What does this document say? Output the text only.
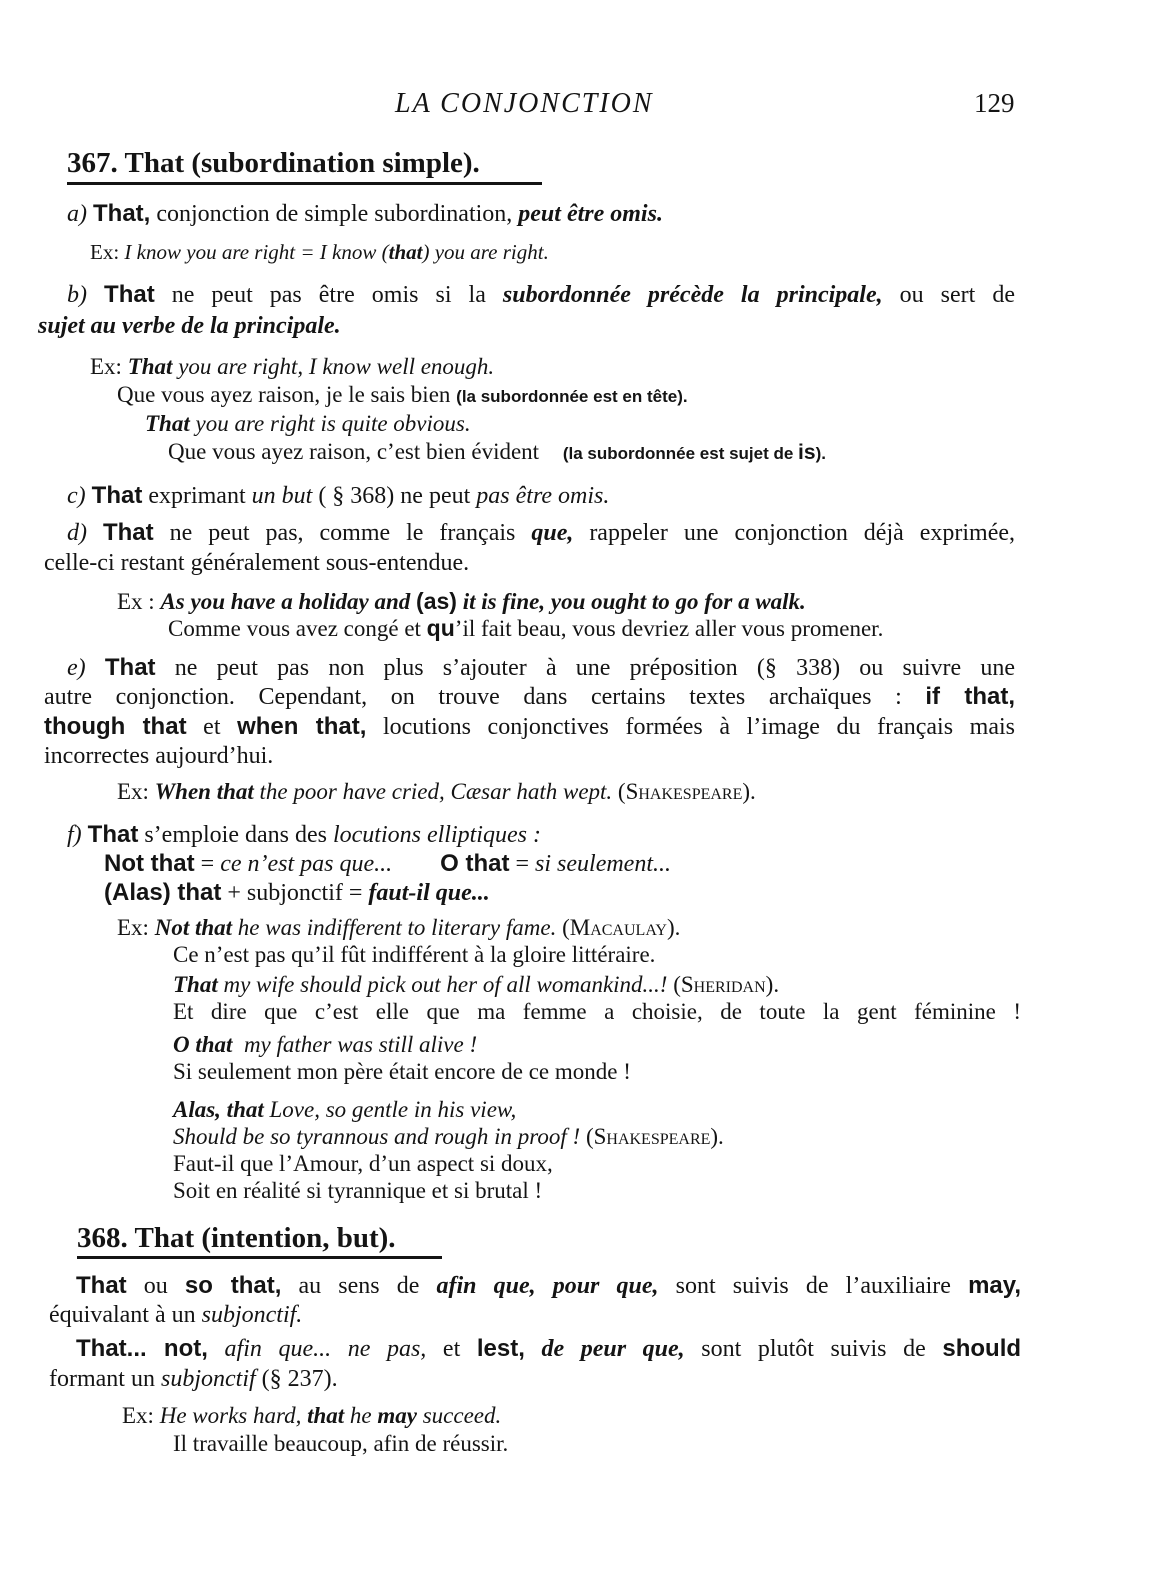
LA CONJONCTION	129
367. That (subordination simple).
a) That, conjonction de simple subordination, peut être omis.
Ex: I know you are right = I know (that) you are right.
b) That ne peut pas être omis si la subordonnée précède la principale, ou sert de
sujet au verbe de la principale.
Ex: That you are right, I know well enough.
Que vous ayez raison, je le sais bien (la subordonnée est en tête).
That you are right is quite obvious.
Que vous ayez raison, c’est bien évident (la subordonnée est sujet de is).
c) That exprimant un but ( § 368) ne peut pas être omis.
d) That ne peut pas, comme le français que, rappeler une conjonction déjà exprimée,
celle-ci restant généralement sous-entendue.
Ex : As you have a holiday and (as) it is fine, you ought to go for a walk.
Comme vous avez congé et qu’il fait beau, vous devriez aller vous promener.
e) That ne peut pas non plus s’ajouter à une préposition (§ 338) ou suivre une
autre conjonction. Cependant, on trouve dans certains textes archaïques : if that,
though that et when that, locutions conjonctives formées à l’image du français mais
incorrectes aujourd’hui.
Ex: When that the poor have cried, Cæsar hath wept. (Shakespeare).
f) That s’emploie dans des locutions elliptiques :
Not that = ce n’est pas que... O that = si seulement...
(Alas) that + subjonctif = faut-il que...
Ex: Not that he was indifferent to literary fame. (Macaulay).
Ce n’est pas qu’il fût indifférent à la gloire littéraire.
That my wife should pick out her of all womankind...! (Sheridan).
Et dire que c’est elle que ma femme a choisie, de toute la gent féminine !
O that  my father was still alive !
Si seulement mon père était encore de ce monde !
Alas, that Love, so gentle in his view,
Should be so tyrannous and rough in proof ! (Shakespeare).
Faut-il que l’Amour, d’un aspect si doux,
Soit en réalité si tyrannique et si brutal !
368. That (intention, but).
That ou so that, au sens de afin que, pour que, sont suivis de l’auxiliaire may,
équivalant à un subjonctif.
That... not, afin que... ne pas, et lest, de peur que, sont plutôt suivis de should
formant un subjonctif (§ 237).
Ex: He works hard, that he may succeed.
Il travaille beaucoup, afin de réussir.
